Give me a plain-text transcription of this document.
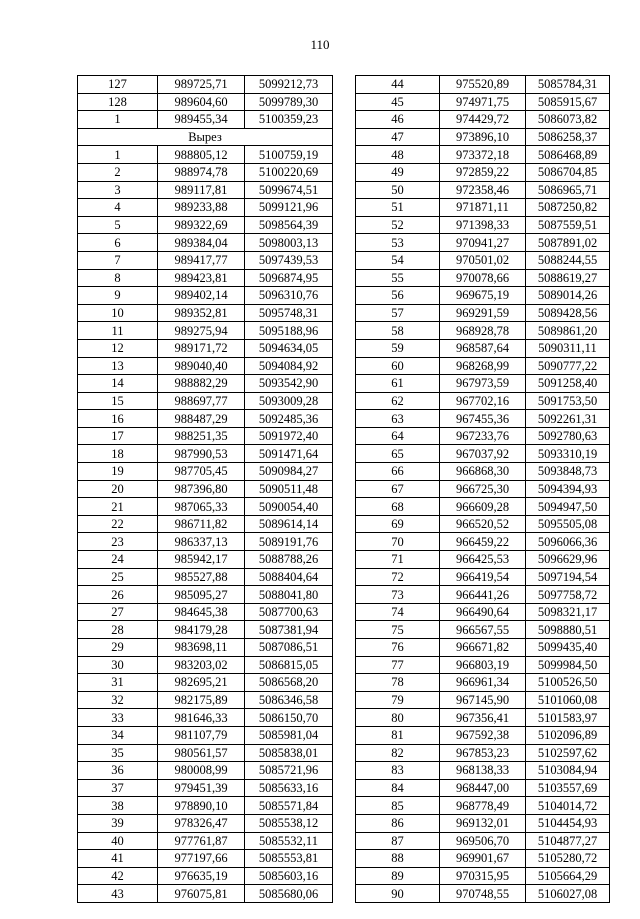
110
127	989725,71	5099212,73
128	989604,60	5099789,30
1	989455,34	5100359,23
Вырез		
1	988805,12	5100759,19
2	988974,78	5100220,69
3	989117,81	5099674,51
4	989233,88	5099121,96
5	989322,69	5098564,39
6	989384,04	5098003,13
7	989417,77	5097439,53
8	989423,81	5096874,95
9	989402,14	5096310,76
10	989352,81	5095748,31
11	989275,94	5095188,96
12	989171,72	5094634,05
13	989040,40	5094084,92
14	988882,29	5093542,90
15	988697,77	5093009,28
16	988487,29	5092485,36
17	988251,35	5091972,40
18	987990,53	5091471,64
19	987705,45	5090984,27
20	987396,80	5090511,48
21	987065,33	5090054,40
22	986711,82	5089614,14
23	986337,13	5089191,76
24	985942,17	5088788,26
25	985527,88	5088404,64
26	985095,27	5088041,80
27	984645,38	5087700,63
28	984179,28	5087381,94
29	983698,11	5087086,51
30	983203,02	5086815,05
31	982695,21	5086568,20
32	982175,89	5086346,58
33	981646,33	5086150,70
34	981107,79	5085981,04
35	980561,57	5085838,01
36	980008,99	5085721,96
37	979451,39	5085633,16
38	978890,10	5085571,84
39	978326,47	5085538,12
40	977761,87	5085532,11
41	977197,66	5085553,81
42	976635,19	5085603,16
43	976075,81	5085680,06
44	975520,89	5085784,31
45	974971,75	5085915,67
46	974429,72	5086073,82
47	973896,10	5086258,37
48	973372,18	5086468,89
49	972859,22	5086704,85
50	972358,46	5086965,71
51	971871,11	5087250,82
52	971398,33	5087559,51
53	970941,27	5087891,02
54	970501,02	5088244,55
55	970078,66	5088619,27
56	969675,19	5089014,26
57	969291,59	5089428,56
58	968928,78	5089861,20
59	968587,64	5090311,11
60	968268,99	5090777,22
61	967973,59	5091258,40
62	967702,16	5091753,50
63	967455,36	5092261,31
64	967233,76	5092780,63
65	967037,92	5093310,19
66	966868,30	5093848,73
67	966725,30	5094394,93
68	966609,28	5094947,50
69	966520,52	5095505,08
70	966459,22	5096066,36
71	966425,53	5096629,96
72	966419,54	5097194,54
73	966441,26	5097758,72
74	966490,64	5098321,17
75	966567,55	5098880,51
76	966671,82	5099435,40
77	966803,19	5099984,50
78	966961,34	5100526,50
79	967145,90	5101060,08
80	967356,41	5101583,97
81	967592,38	5102096,89
82	967853,23	5102597,62
83	968138,33	5103084,94
84	968447,00	5103557,69
85	968778,49	5104014,72
86	969132,01	5104454,93
87	969506,70	5104877,27
88	969901,67	5105280,72
89	970315,95	5105664,29
90	970748,55	5106027,08
